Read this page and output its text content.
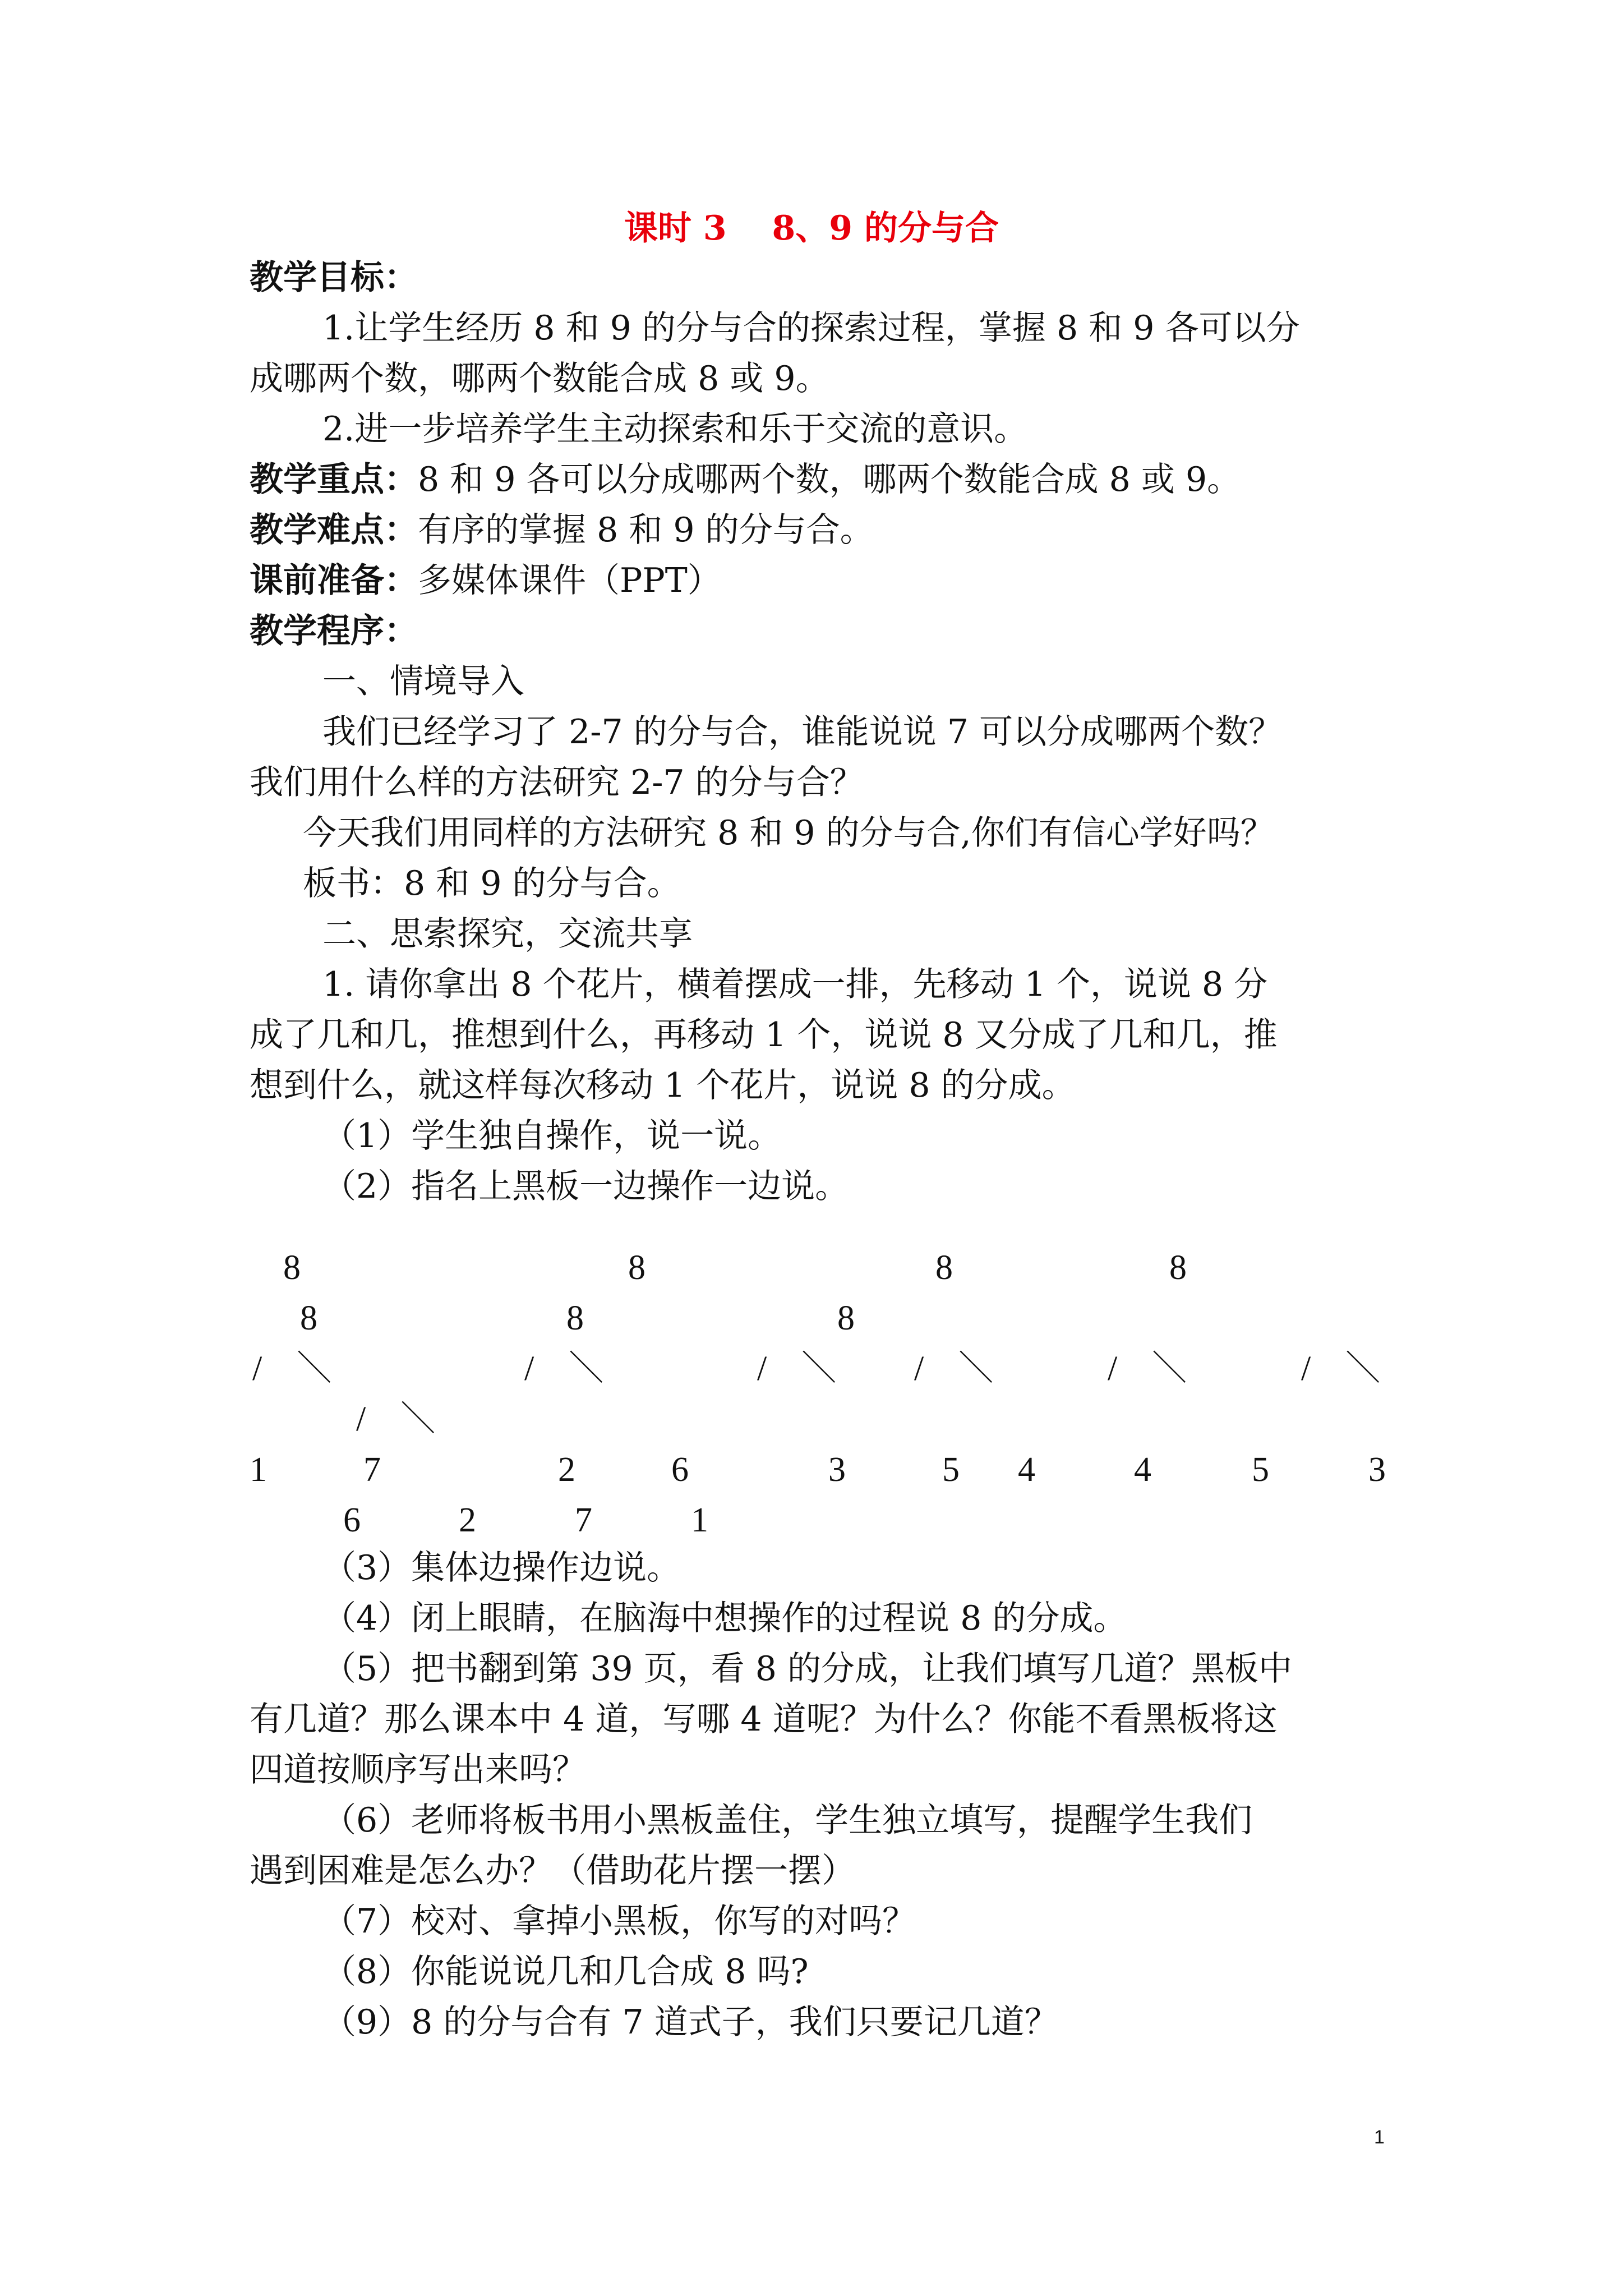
课时 3　 8、9 的分与合
教学目标：
1.让学生经历 8 和 9 的分与合的探索过程，掌握 8 和 9 各可以分
成哪两个数，哪两个数能合成 8 或 9。
2.进一步培养学生主动探索和乐于交流的意识。
教学重点：8 和 9 各可以分成哪两个数，哪两个数能合成 8 或 9。
教学难点：有序的掌握 8 和 9 的分与合。
课前准备：多媒体课件（PPT）
教学程序：
一、情境导入
我们已经学习了 2-7 的分与合，谁能说说 7 可以分成哪两个数？
我们用什么样的方法研究 2-7 的分与合？
今天我们用同样的方法研究 8 和 9 的分与合,你们有信心学好吗？
板书：8 和 9 的分与合。
二、思索探究，交流共享
1. 请你拿出 8 个花片，横着摆成一排，先移动 1 个，说说 8 分
成了几和几，推想到什么，再移动 1 个，说说 8 又分成了几和几，推
想到什么，就这样每次移动 1 个花片，说说 8 的分成。
（1）学生独自操作，说一说。
（2）指名上黑板一边操作一边说。
（3）集体边操作边说。
（4）闭上眼睛，在脑海中想操作的过程说 8 的分成。
（5）把书翻到第 39 页，看 8 的分成，让我们填写几道？黑板中
有几道？那么课本中 4 道，写哪 4 道呢？为什么？你能不看黑板将这
四道按顺序写出来吗？
（6）老师将板书用小黑板盖住，学生独立填写，提醒学生我们
遇到困难是怎么办？（借助花片摆一摆）
（7）校对、拿掉小黑板，你写的对吗？
（8）你能说说几和几合成 8 吗?
（9）8 的分与合有 7 道式子，我们只要记几道？
8	8	8	8
8	8	8
/　＼	/　＼	/　＼ /　＼	/　＼	/　＼
/　＼
1	7	2	6	3	5 4	4	5	3
6	2	7	1
1
